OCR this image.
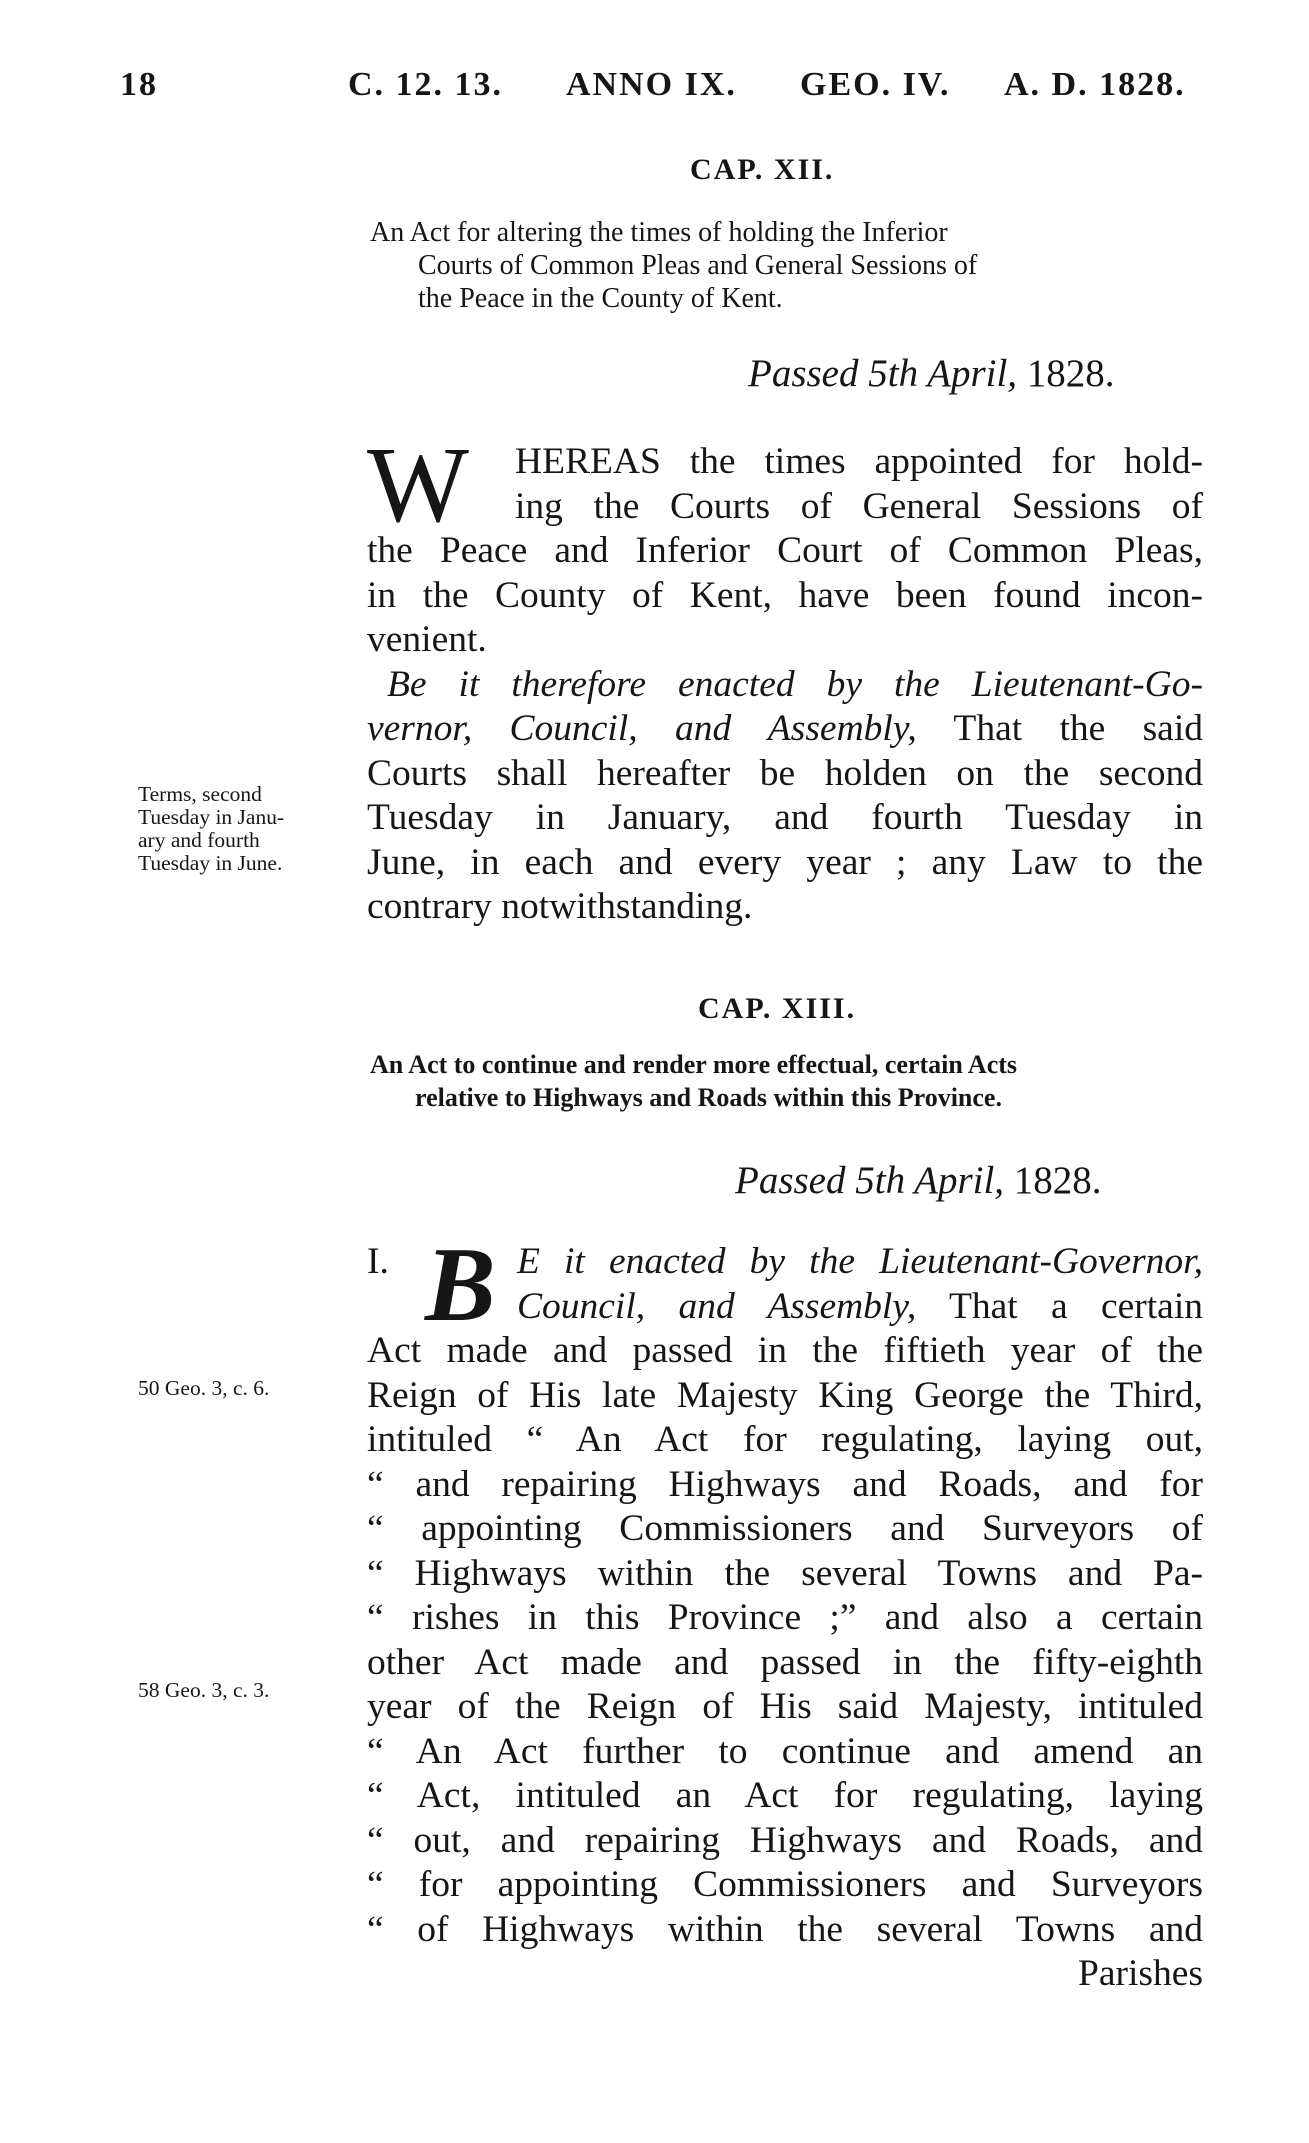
18	C. 12. 13. ANNO IX. GEO. IV. A. D. 1828.
CAP. XII.
An Act for altering the times of holding the Inferior
Courts of Common Pleas and General Sessions of
the Peace in the County of Kent.
Passed 5th April, 1828.
W	HEREAS the times appointed for hold-
ing the Courts of General Sessions of
the Peace and Inferior Court of Common Pleas,
in the County of Kent, have been found incon-
venient.
Be it therefore enacted by the Lieutenant-Go-
vernor, Council, and Assembly, That the said
Courts shall hereafter be holden on the second
Tuesday in January, and fourth Tuesday in
June, in each and every year ; any Law to the
contrary notwithstanding.
Terms, second
Tuesday in Janu-
ary and fourth
Tuesday in June.
CAP. XIII.
An Act to continue and render more effectual, certain Acts
relative to Highways and Roads within this Province.
Passed 5th April, 1828.
I. B E it enacted by the Lieutenant-Governor,
Council, and Assembly, That a certain
Act made and passed in the fiftieth year of the
Reign of His late Majesty King George the Third,
intituled “ An Act for regulating, laying out,
“ and repairing Highways and Roads, and for
“ appointing Commissioners and Surveyors of
“ Highways within the several Towns and Pa-
“ rishes in this Province ;” and also a certain
other Act made and passed in the fifty-eighth
year of the Reign of His said Majesty, intituled
“ An Act further to continue and amend an
“ Act, intituled an Act for regulating, laying
“ out, and repairing Highways and Roads, and
“ for appointing Commissioners and Surveyors
“ of Highways within the several Towns and
Parishes
50 Geo. 3, c. 6.
58 Geo. 3, c. 3.
